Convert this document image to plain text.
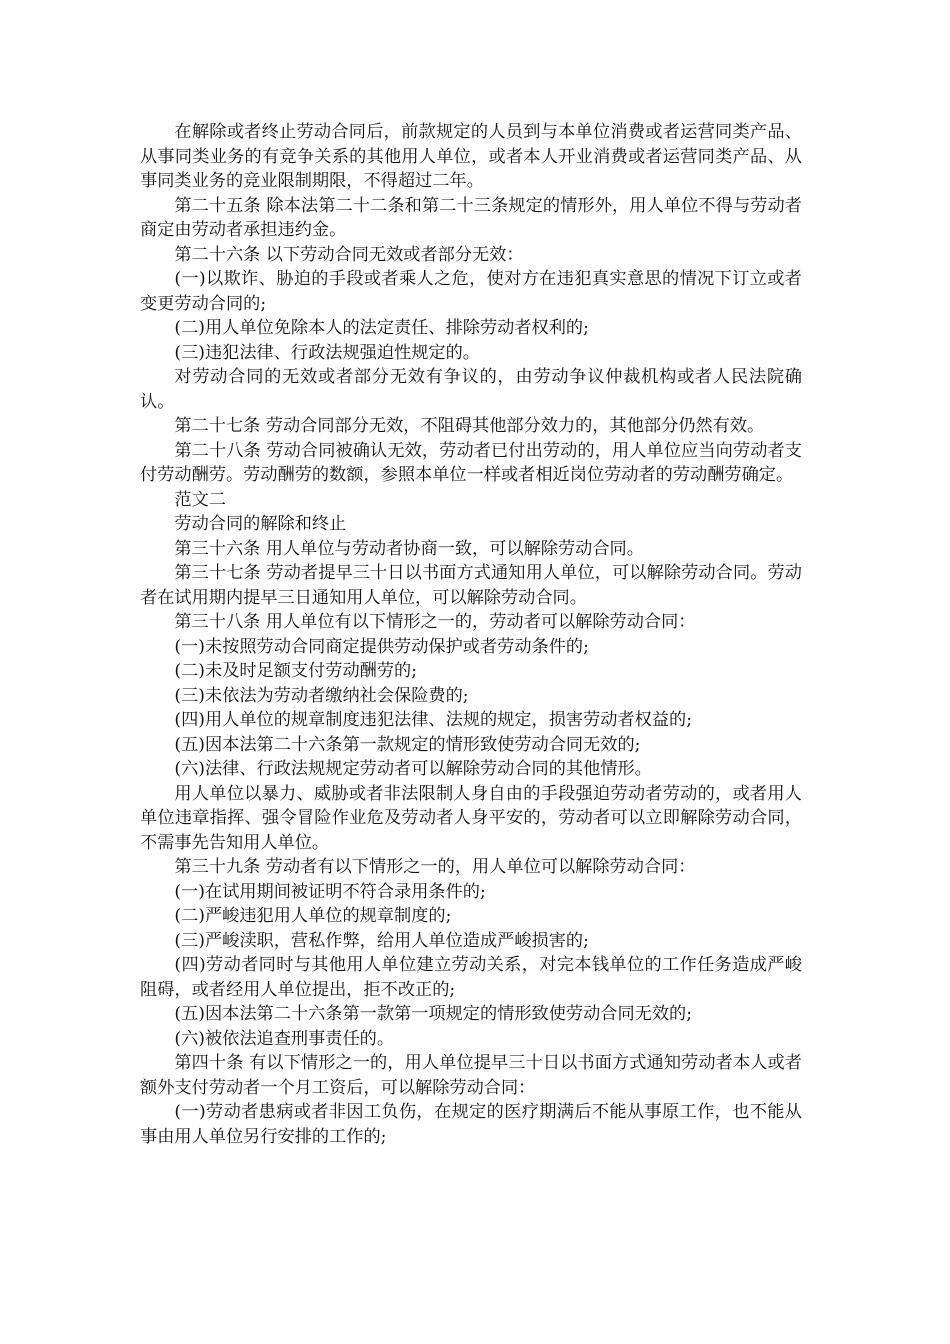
在解除或者终止劳动合同后，前款规定的人员到与本单位消费或者运营同类产品、从事同类业务的有竞争关系的其他用人单位，或者本人开业消费或者运营同类产品、从事同类业务的竞业限制期限，不得超过二年。

第二十五条 除本法第二十二条和第二十三条规定的情形外，用人单位不得与劳动者商定由劳动者承担违约金。

第二十六条 以下劳动合同无效或者部分无效：

(一)以欺诈、胁迫的手段或者乘人之危，使对方在违犯真实意思的情况下订立或者变更劳动合同的;

(二)用人单位免除本人的法定责任、排除劳动者权利的;

(三)违犯法律、行政法规强迫性规定的。

对劳动合同的无效或者部分无效有争议的，由劳动争议仲裁机构或者人民法院确认。

第二十七条 劳动合同部分无效，不阻碍其他部分效力的，其他部分仍然有效。

第二十八条 劳动合同被确认无效，劳动者已付出劳动的，用人单位应当向劳动者支付劳动酬劳。劳动酬劳的数额，参照本单位一样或者相近岗位劳动者的劳动酬劳确定。

范文二

劳动合同的解除和终止

第三十六条 用人单位与劳动者协商一致，可以解除劳动合同。

第三十七条 劳动者提早三十日以书面方式通知用人单位，可以解除劳动合同。劳动者在试用期内提早三日通知用人单位，可以解除劳动合同。

第三十八条 用人单位有以下情形之一的，劳动者可以解除劳动合同：

(一)未按照劳动合同商定提供劳动保护或者劳动条件的;

(二)未及时足额支付劳动酬劳的;

(三)未依法为劳动者缴纳社会保险费的;

(四)用人单位的规章制度违犯法律、法规的规定，损害劳动者权益的;

(五)因本法第二十六条第一款规定的情形致使劳动合同无效的;

(六)法律、行政法规规定劳动者可以解除劳动合同的其他情形。

用人单位以暴力、威胁或者非法限制人身自由的手段强迫劳动者劳动的，或者用人单位违章指挥、强令冒险作业危及劳动者人身平安的，劳动者可以立即解除劳动合同，不需事先告知用人单位。

第三十九条 劳动者有以下情形之一的，用人单位可以解除劳动合同：

(一)在试用期间被证明不符合录用条件的;

(二)严峻违犯用人单位的规章制度的;

(三)严峻渎职，营私作弊，给用人单位造成严峻损害的;

(四)劳动者同时与其他用人单位建立劳动关系，对完本钱单位的工作任务造成严峻阻碍，或者经用人单位提出，拒不改正的;

(五)因本法第二十六条第一款第一项规定的情形致使劳动合同无效的;

(六)被依法追查刑事责任的。

第四十条 有以下情形之一的，用人单位提早三十日以书面方式通知劳动者本人或者额外支付劳动者一个月工资后，可以解除劳动合同：

(一)劳动者患病或者非因工负伤，在规定的医疗期满后不能从事原工作，也不能从事由用人单位另行安排的工作的;
